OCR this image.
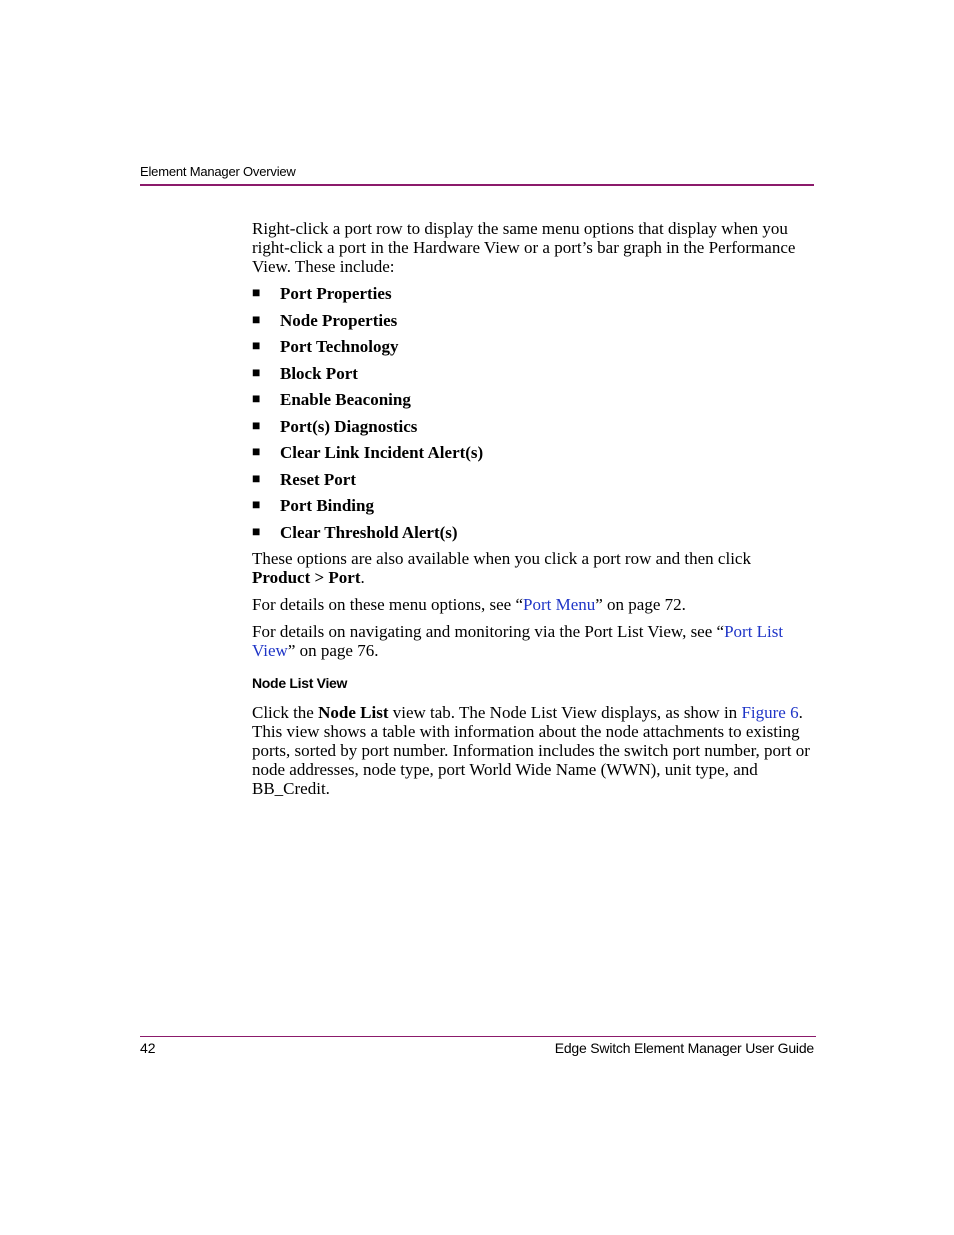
Element Manager Overview

Right-click a port row to display the same menu options that display when you right-click a port in the Hardware View or a port’s bar graph in the Performance View. These include:

■	Port Properties
■	Node Properties
■	Port Technology
■	Block Port
■	Enable Beaconing
■	Port(s) Diagnostics
■	Clear Link Incident Alert(s)
■	Reset Port
■	Port Binding
■	Clear Threshold Alert(s)

These options are also available when you click a port row and then click
Product > Port.

For details on these menu options, see “Port Menu” on page 72.

For details on navigating and monitoring via the Port List View, see “Port List View” on page 76.

Node List View

Click the Node List view tab. The Node List View displays, as show in Figure 6. This view shows a table with information about the node attachments to existing ports, sorted by port number. Information includes the switch port number, port or node addresses, node type, port World Wide Name (WWN), unit type, and BB_Credit.

42	Edge Switch Element Manager User Guide
